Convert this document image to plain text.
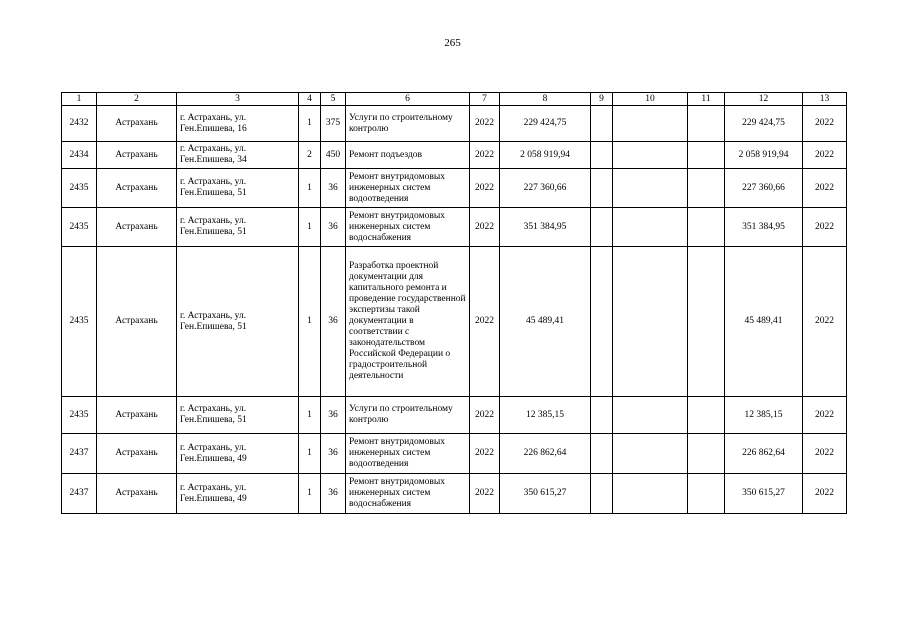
265
1	2	3	4	5	6	7	8	9	10	11	12	13
2432	Астрахань	г. Астрахань, ул. Ген.Епишева, 16	1	375	Услуги по строительному контролю	2022	229 424,75				229 424,75	2022
2434	Астрахань	г. Астрахань, ул. Ген.Епишева, 34	2	450	Ремонт подъездов	2022	2 058 919,94				2 058 919,94	2022
2435	Астрахань	г. Астрахань, ул. Ген.Епишева, 51	1	36	Ремонт внутридомовых инженерных систем водоотведения	2022	227 360,66				227 360,66	2022
2435	Астрахань	г. Астрахань, ул. Ген.Епишева, 51	1	36	Ремонт внутридомовых инженерных систем водоснабжения	2022	351 384,95				351 384,95	2022
2435	Астрахань	г. Астрахань, ул. Ген.Епишева, 51	1	36	Разработка проектной документации для капитального ремонта и проведение государственной экспертизы такой документации в соответствии с законодательством Российской Федерации о градостроительной деятельности	2022	45 489,41				45 489,41	2022
2435	Астрахань	г. Астрахань, ул. Ген.Епишева, 51	1	36	Услуги по строительному контролю	2022	12 385,15				12 385,15	2022
2437	Астрахань	г. Астрахань, ул. Ген.Епишева, 49	1	36	Ремонт внутридомовых инженерных систем водоотведения	2022	226 862,64				226 862,64	2022
2437	Астрахань	г. Астрахань, ул. Ген.Епишева, 49	1	36	Ремонт внутридомовых инженерных систем водоснабжения	2022	350 615,27				350 615,27	2022
